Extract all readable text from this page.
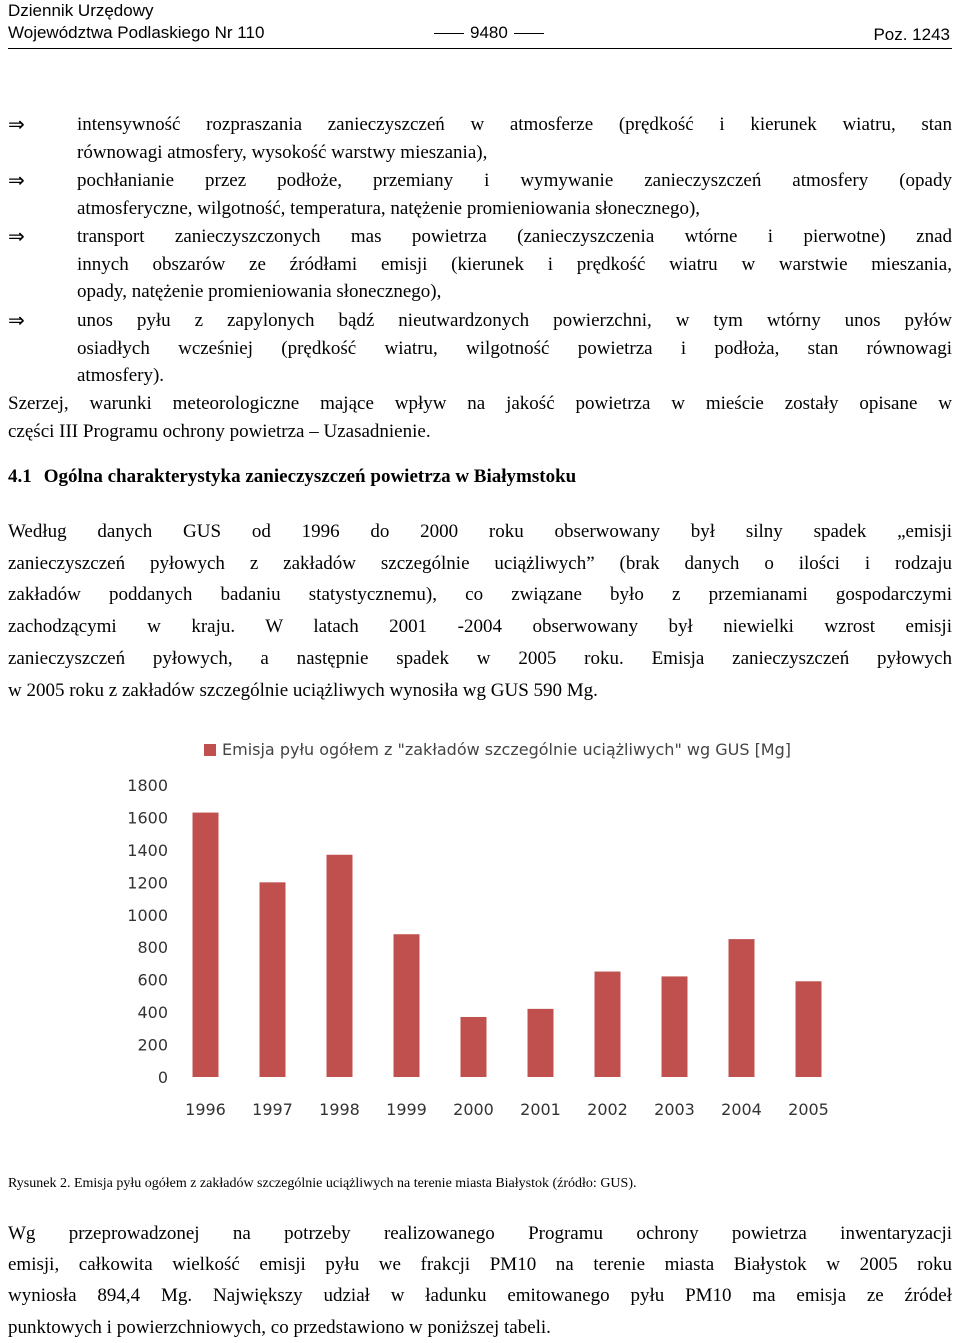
Dziennik Urzędowy
Województwa Podlaskiego Nr 110	9480	Poz. 1243
⇒	intensywność rozpraszania zanieczyszczeń w atmosferze (prędkość i kierunek wiatru, stan
równowagi atmosfery, wysokość warstwy mieszania),
⇒	pochłanianie przez podłoże, przemiany i wymywanie zanieczyszczeń atmosfery (opady
atmosferyczne, wilgotność, temperatura, natężenie promieniowania słonecznego),
⇒	transport zanieczyszczonych mas powietrza (zanieczyszczenia wtórne i pierwotne) znad
innych obszarów ze źródłami emisji (kierunek i prędkość wiatru w warstwie mieszania,
opady, natężenie promieniowania słonecznego),
⇒	unos pyłu z zapylonych bądź nieutwardzonych powierzchni, w tym wtórny unos pyłów
osiadłych wcześniej (prędkość wiatru, wilgotność powietrza i podłoża, stan równowagi
atmosfery).
Szerzej, warunki meteorologiczne mające wpływ na jakość powietrza w mieście zostały opisane w
części III Programu ochrony powietrza – Uzasadnienie.
4.1 Ogólna charakterystyka zanieczyszczeń powietrza w Białymstoku
Według danych GUS od 1996 do 2000 roku obserwowany był silny spadek „emisji
zanieczyszczeń pyłowych z zakładów szczególnie uciążliwych” (brak danych o ilości i rodzaju
zakładów poddanych badaniu statystycznemu), co związane było z przemianami gospodarczymi
zachodzącymi w kraju. W latach 2001 -2004 obserwowany był niewielki wzrost emisji
zanieczyszczeń pyłowych, a następnie spadek w 2005 roku. Emisja zanieczyszczeń pyłowych
w 2005 roku z zakładów szczególnie uciążliwych wynosiła wg GUS 590 Mg.
Emisja pyłu ogółem z "zakładów szczególnie uciążliwych" wg GUS [Mg]
0
200
400
600
800
1000
1200
1400
1600
1800
1996 1997 1998 1999 2000 2001 2002 2003 2004 2005
Rysunek 2. Emisja pyłu ogółem z zakładów szczególnie uciążliwych na terenie miasta Białystok (źródło: GUS).
Wg przeprowadzonej na potrzeby realizowanego Programu ochrony powietrza inwentaryzacji
emisji, całkowita wielkość emisji pyłu we frakcji PM10 na terenie miasta Białystok w 2005 roku
wyniosła 894,4 Mg. Największy udział w ładunku emitowanego pyłu PM10 ma emisja ze źródeł
punktowych i powierzchniowych, co przedstawiono w poniższej tabeli.
